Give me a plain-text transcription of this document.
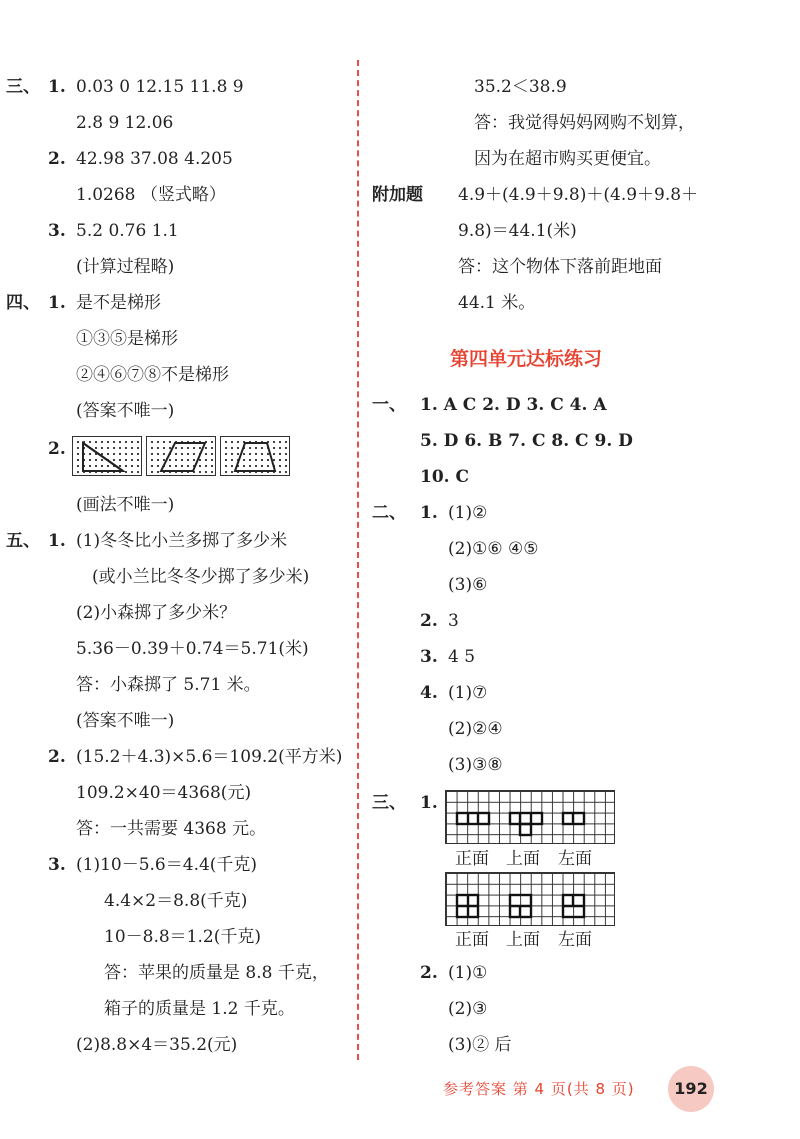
三、 1. 0.03 0 12.15 11.8 9
2.8 9 12.06
2. 42.98 37.08 4.205
1.0268 （竖式略）
3. 5.2 0.76 1.1
(计算过程略)
四、 1. 是不是梯形
①③⑤是梯形
②④⑥⑦⑧不是梯形
(答案不唯一)
2.
(画法不唯一)
五、 1. (1)冬冬比小兰多掷了多少米
(或小兰比冬冬少掷了多少米)
(2)小森掷了多少米？
5.36－0.39＋0.74＝5.71(米)
答：小森掷了 5.71 米。
(答案不唯一)
2. (15.2＋4.3)×5.6＝109.2(平方米)
109.2×40＝4368(元)
答：一共需要 4368 元。
3. (1)10－5.6＝4.4(千克)
4.4×2＝8.8(千克)
10－8.8＝1.2(千克)
答：苹果的质量是 8.8 千克，
箱子的质量是 1.2 千克。
(2)8.8×4＝35.2(元)
35.2＜38.9
答：我觉得妈妈网购不划算，
因为在超市购买更便宜。
附加题 4.9＋(4.9＋9.8)＋(4.9＋9.8＋
9.8)＝44.1(米)
答：这个物体下落前距地面
44.1 米。
第四单元达标练习
一、 1. A C 2. D 3. C 4. A
5. D 6. B 7. C 8. C 9. D
10. C
二、 1. (1)②
(2)①⑥ ④⑤
(3)⑥
2. 3
3. 4 5
4. (1)⑦
(2)②④
(3)③⑧
三、 1.
正面 上面 左面
正面 上面 左面
2. (1)①
(2)③
(3)② 后
参考答案 第 4 页(共 8 页)	192
